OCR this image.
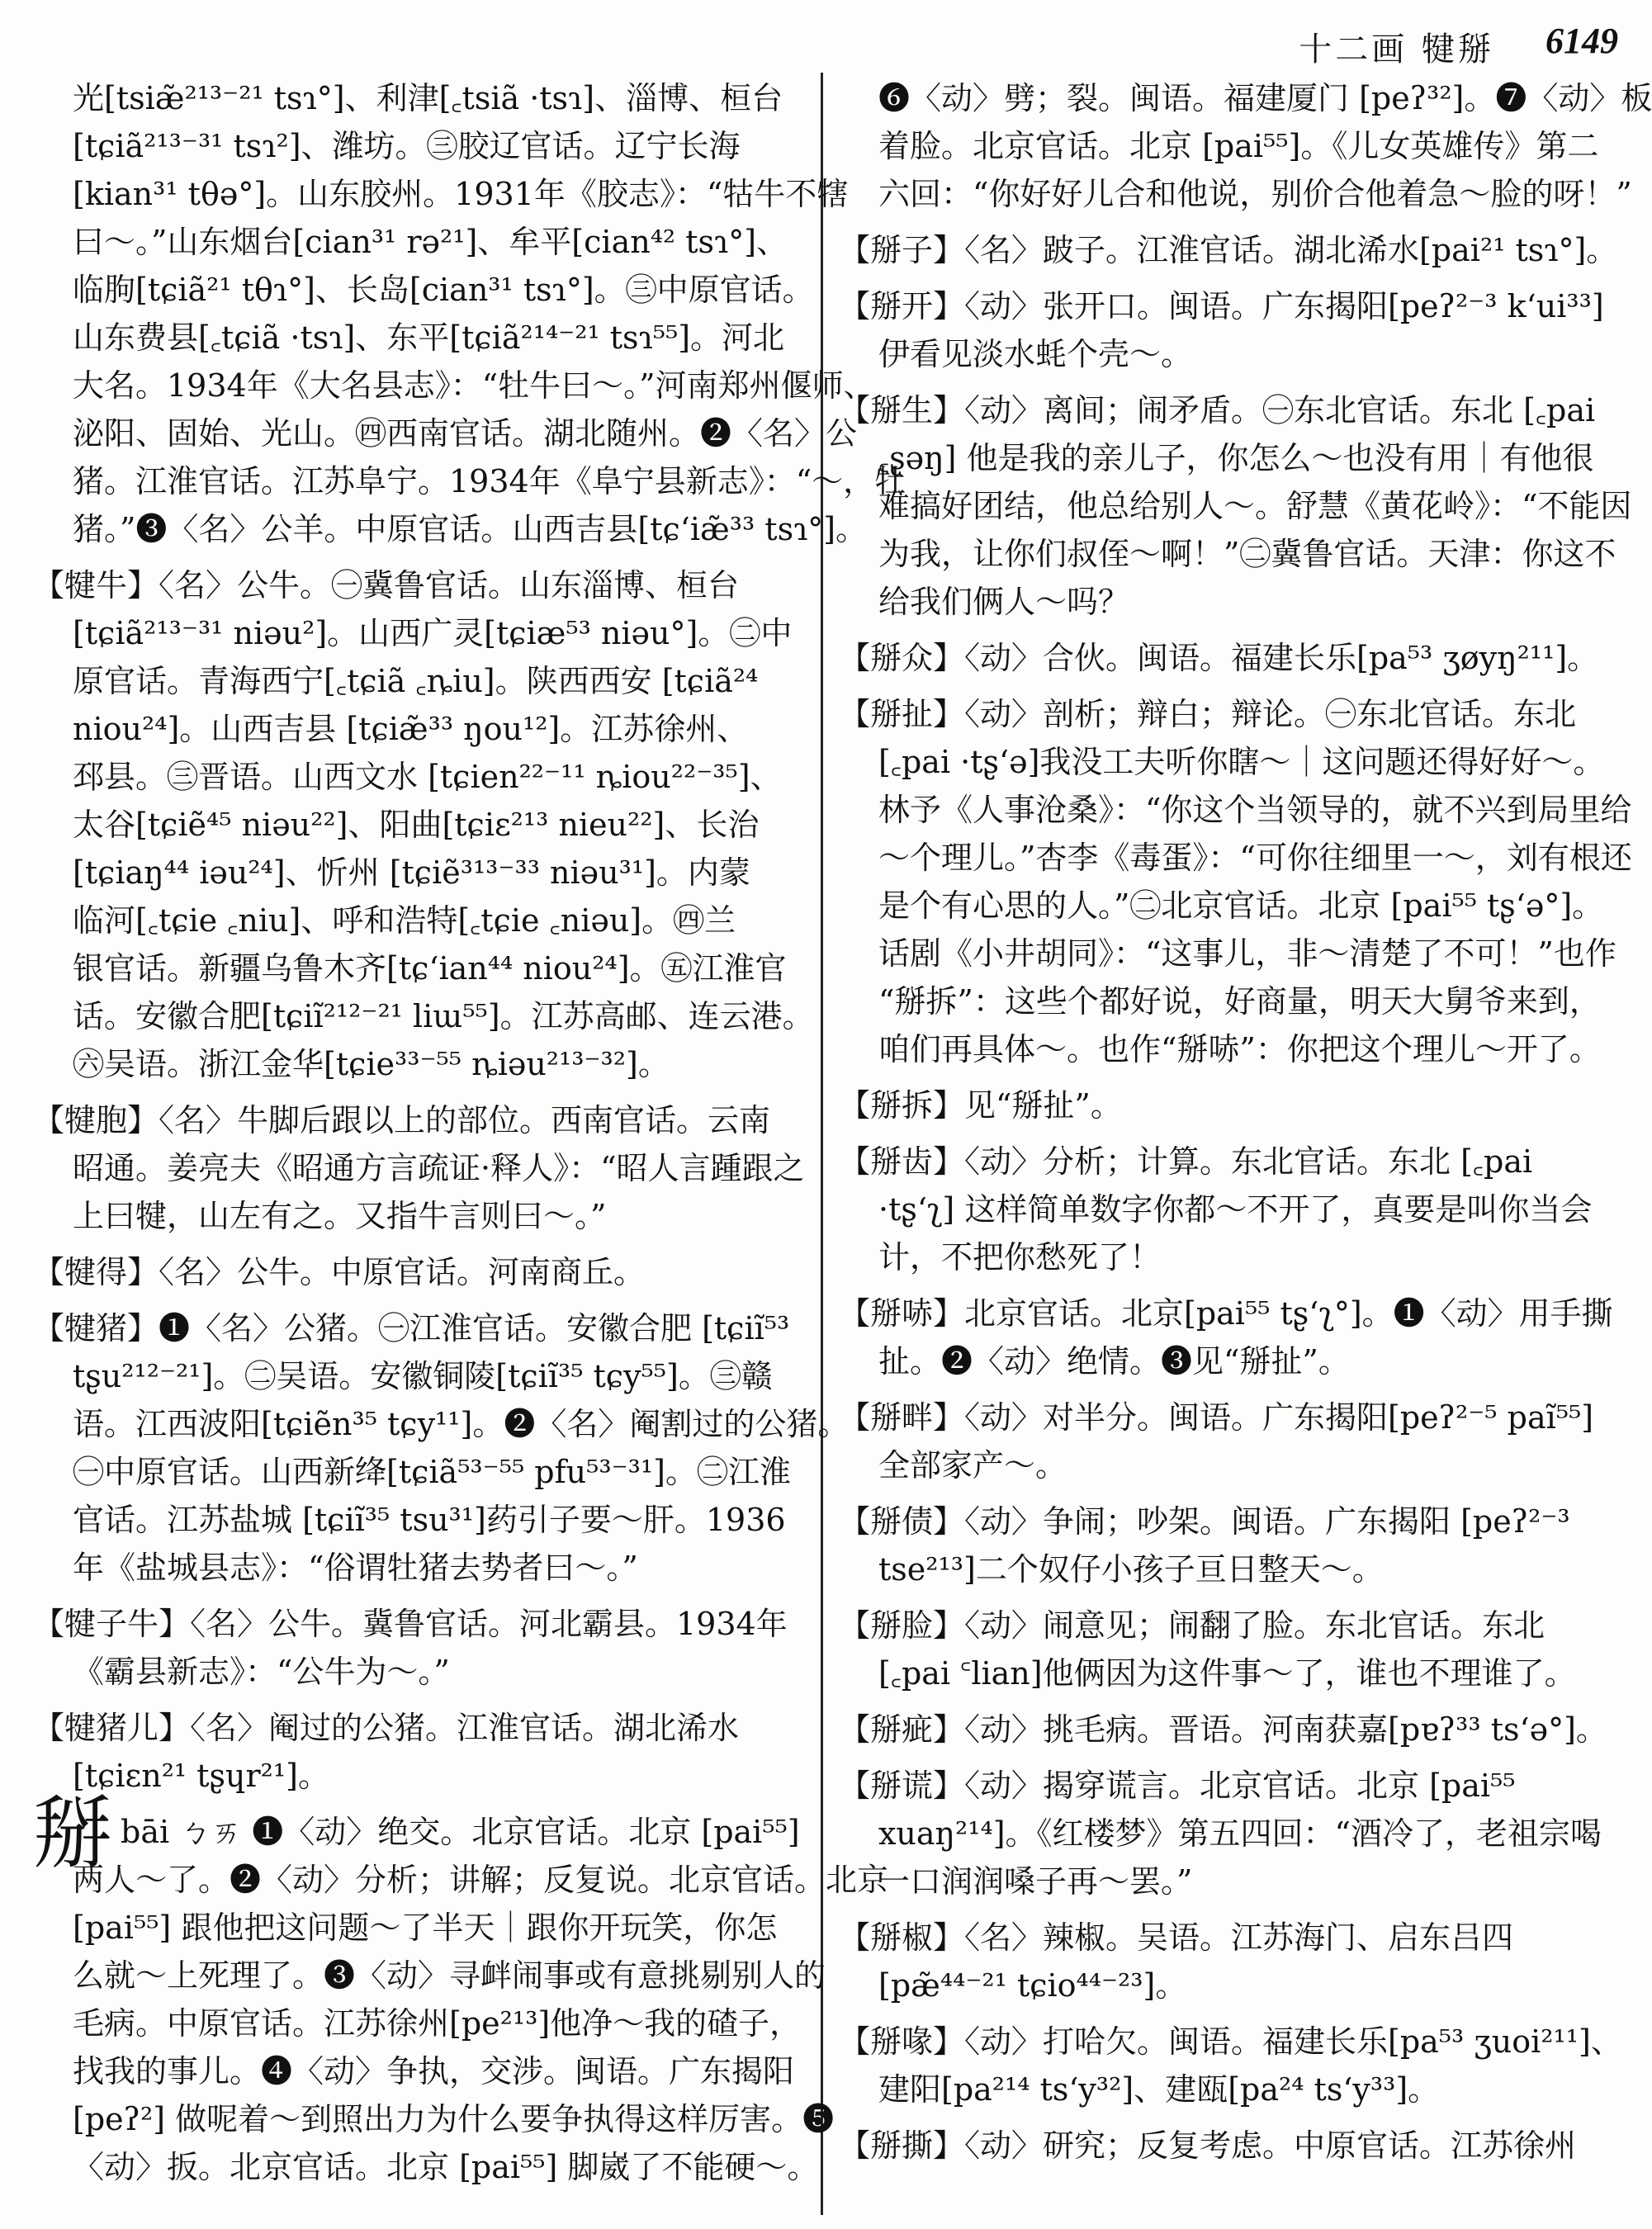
十二画 犍掰 6149
光[tsiæ̃²¹³⁻²¹ tsɿ°]、利津[꜀tsiã ·tsɿ]、淄博、桓台
[tɕiã²¹³⁻³¹ tsɿ²]、潍坊。㊂胶辽官话。辽宁长海
[kian³¹ tθə°]。山东胶州。1931年《胶志》：“牯牛不犗
曰～。”山东烟台[cian³¹ rə²¹]、牟平[cian⁴² tsɿ°]、
临朐[tɕiã²¹ tθɿ°]、长岛[cian³¹ tsɿ°]。㊂中原官话。
山东费县[꜀tɕiã ·tsɿ]、东平[tɕiã²¹⁴⁻²¹ tsɿ⁵⁵]。河北
大名。1934年《大名县志》：“牡牛曰～。”河南郑州偃师、
泌阳、固始、光山。㊃西南官话。湖北随州。❷〈名〉公
猪。江淮官话。江苏阜宁。1934年《阜宁县新志》：“～，牡
猪。”❸〈名〉公羊。中原官话。山西吉县[tɕʻiæ̃³³ tsɿ°]。
【犍牛】〈名〉公牛。㊀冀鲁官话。山东淄博、桓台
[tɕiã²¹³⁻³¹ niəu²]。山西广灵[tɕiæ⁵³ niəu°]。㊁中
原官话。青海西宁[꜀tɕiã ꜀ȵiu]。陕西西安 [tɕiã²⁴
niou²⁴]。山西吉县 [tɕiæ̃³³ ŋou¹²]。江苏徐州、
邳县。㊂晋语。山西文水 [tɕien²²⁻¹¹ ȵiou²²⁻³⁵]、
太谷[tɕiẽ⁴⁵ niəu²²]、阳曲[tɕiɛ²¹³ nieu²²]、长治
[tɕiaŋ⁴⁴ iəu²⁴]、忻州 [tɕiẽ³¹³⁻³³ niəu³¹]。内蒙
临河[꜀tɕie ꜀niu]、呼和浩特[꜀tɕie ꜀niəu]。㊃兰
银官话。新疆乌鲁木齐[tɕʻian⁴⁴ niou²⁴]。㊄江淮官
话。安徽合肥[tɕiĩ²¹²⁻²¹ liɯ⁵⁵]。江苏高邮、连云港。
㊅吴语。浙江金华[tɕie³³⁻⁵⁵ ȵiəu²¹³⁻³²]。
【犍胞】〈名〉牛脚后跟以上的部位。西南官话。云南
昭通。姜亮夫《昭通方言疏证·释人》：“昭人言踵跟之
上曰犍，山左有之。又指牛言则曰～。”
【犍得】〈名〉公牛。中原官话。河南商丘。
【犍猪】❶〈名〉公猪。㊀江淮官话。安徽合肥 [tɕiĩ⁵³
tʂu²¹²⁻²¹]。㊁吴语。安徽铜陵[tɕiĩ³⁵ tɕy⁵⁵]。㊂赣
语。江西波阳[tɕiẽn³⁵ tɕy¹¹]。❷〈名〉阉割过的公猪。
㊀中原官话。山西新绛[tɕiã⁵³⁻⁵⁵ pfu⁵³⁻³¹]。㊁江淮
官话。江苏盐城 [tɕiĩ³⁵ tsu³¹]药引子要～肝。1936
年《盐城县志》：“俗谓牡猪去势者曰～。”
【犍子牛】〈名〉公牛。冀鲁官话。河北霸县。1934年
《霸县新志》：“公牛为～。”
【犍猪儿】〈名〉阉过的公猪。江淮官话。湖北浠水
[tɕiɛn²¹ tʂɥr²¹]。
掰bāi ㄅㄞ ❶〈动〉绝交。北京官话。北京 [pai⁵⁵]
两人～了。❷〈动〉分析；讲解；反复说。北京官话。北京
[pai⁵⁵] 跟他把这问题～了半天｜跟你开玩笑，你怎
么就～上死理了。❸〈动〉寻衅闹事或有意挑剔别人的
毛病。中原官话。江苏徐州[pe²¹³]他净～我的碴子，
找我的事儿。❹〈动〉争执，交涉。闽语。广东揭阳
[peʔ²] 做呢着～到照出力为什么要争执得这样厉害。❺
〈动〉扳。北京官话。北京 [pai⁵⁵] 脚崴了不能硬～。
❻〈动〉劈；裂。闽语。福建厦门 [peʔ³²]。❼〈动〉板
着脸。北京官话。北京 [pai⁵⁵]。《儿女英雄传》第二
六回：“你好好儿合和他说，别价合他着急～脸的呀！”
【掰子】〈名〉跛子。江淮官话。湖北浠水[pai²¹ tsɿ°]。
【掰开】〈动〉张开口。闽语。广东揭阳[peʔ²⁻³ kʻui³³]
伊看见淡水蚝个壳～。
【掰生】〈动〉离间；闹矛盾。㊀东北官话。东北 [꜀pai
꜀ʂəŋ] 他是我的亲儿子，你怎么～也没有用｜有他很
难搞好团结，他总给别人～。舒慧《黄花岭》：“不能因
为我，让你们叔侄～啊！”㊁冀鲁官话。天津：你这不
给我们俩人～吗？
【掰众】〈动〉合伙。闽语。福建长乐[pa⁵³ ʒøyŋ²¹¹]。
【掰扯】〈动〉剖析；辩白；辩论。㊀东北官话。东北
[꜀pai ·tʂʻə]我没工夫听你瞎～｜这问题还得好好～。
林予《人事沧桑》：“你这个当领导的，就不兴到局里给
～个理儿。”杏李《毒蛋》：“可你往细里一～，刘有根还
是个有心思的人。”㊁北京官话。北京 [pai⁵⁵ tʂʻə°]。
话剧《小井胡同》：“这事儿，非～清楚了不可！”也作
“掰拆”：这些个都好说，好商量，明天大舅爷来到，
咱们再具体～。也作“掰哧”：你把这个理儿～开了。
【掰拆】见“掰扯”。
【掰齿】〈动〉分析；计算。东北官话。东北 [꜀pai
·tʂʻʅ] 这样简单数字你都～不开了，真要是叫你当会
计，不把你愁死了！
【掰哧】北京官话。北京[pai⁵⁵ tʂʻʅ°]。❶〈动〉用手撕
扯。❷〈动〉绝情。❸见“掰扯”。
【掰畔】〈动〉对半分。闽语。广东揭阳[peʔ²⁻⁵ paĩ⁵⁵]
全部家产～。
【掰债】〈动〉争闹；吵架。闽语。广东揭阳 [peʔ²⁻³
tse²¹³]二个奴仔小孩子亘日整天～。
【掰脸】〈动〉闹意见；闹翻了脸。东北官话。东北
[꜀pai ꜂lian]他俩因为这件事～了，谁也不理谁了。
【掰疵】〈动〉挑毛病。晋语。河南获嘉[pɐʔ³³ tsʻə°]。
【掰谎】〈动〉揭穿谎言。北京官话。北京 [pai⁵⁵
xuaŋ²¹⁴]。《红楼梦》第五四回：“酒冷了，老祖宗喝
一口润润嗓子再～罢。”
【掰椒】〈名〉辣椒。吴语。江苏海门、启东吕四
[pæ̃⁴⁴⁻²¹ tɕio⁴⁴⁻²³]。
【掰喙】〈动〉打哈欠。闽语。福建长乐[pa⁵³ ʒuoi²¹¹]、
建阳[pa²¹⁴ tsʻy³²]、建瓯[pa²⁴ tsʻy³³]。
【掰撕】〈动〉研究；反复考虑。中原官话。江苏徐州
